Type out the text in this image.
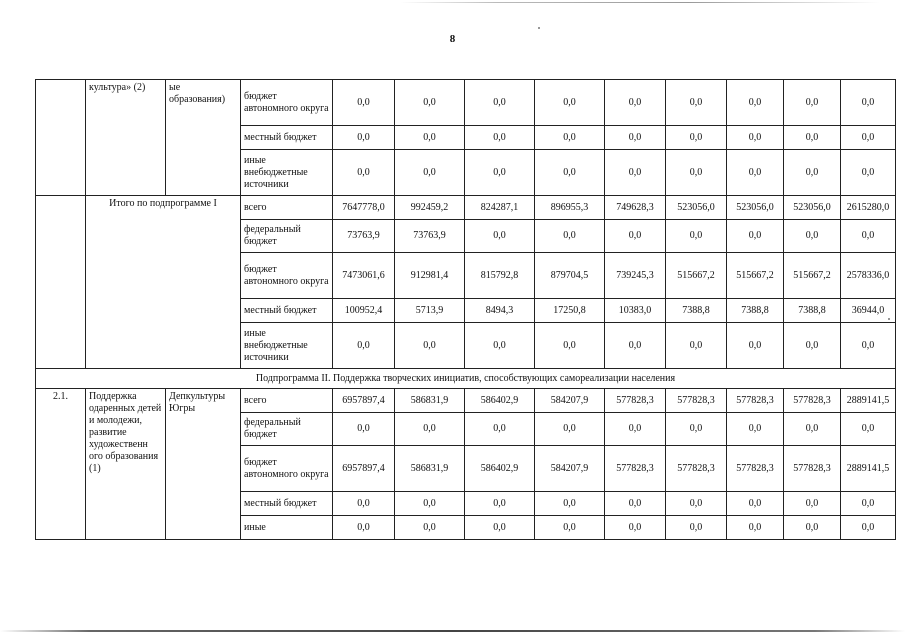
8
	культура» (2)	ые образования)	бюджет автономного округа	0,0	0,0	0,0	0,0	0,0	0,0	0,0	0,0	0,0
			местный бюджет	0,0	0,0	0,0	0,0	0,0	0,0	0,0	0,0	0,0
			иные внебюджетные источники	0,0	0,0	0,0	0,0	0,0	0,0	0,0	0,0	0,0
	Итого по подпрограмме I		всего	7647778,0	992459,2	824287,1	896955,3	749628,3	523056,0	523056,0	523056,0	2615280,0
			федеральный бюджет	73763,9	73763,9	0,0	0,0	0,0	0,0	0,0	0,0	0,0
			бюджет автономного округа	7473061,6	912981,4	815792,8	879704,5	739245,3	515667,2	515667,2	515667,2	2578336,0
			местный бюджет	100952,4	5713,9	8494,3	17250,8	10383,0	7388,8	7388,8	7388,8	36944,0
			иные внебюджетные источники	0,0	0,0	0,0	0,0	0,0	0,0	0,0	0,0	0,0
Подпрограмма II. Поддержка творческих инициатив, способствующих самореализации населения												
2.1.	Поддержка одаренных детей и молодежи, развитие художественн ого образования (1)	Депкультуры Югры	всего	6957897,4	586831,9	586402,9	584207,9	577828,3	577828,3	577828,3	577828,3	2889141,5
			федеральный бюджет	0,0	0,0	0,0	0,0	0,0	0,0	0,0	0,0	0,0
			бюджет автономного округа	6957897,4	586831,9	586402,9	584207,9	577828,3	577828,3	577828,3	577828,3	2889141,5
			местный бюджет	0,0	0,0	0,0	0,0	0,0	0,0	0,0	0,0	0,0
			иные	0,0	0,0	0,0	0,0	0,0	0,0	0,0	0,0	0,0
